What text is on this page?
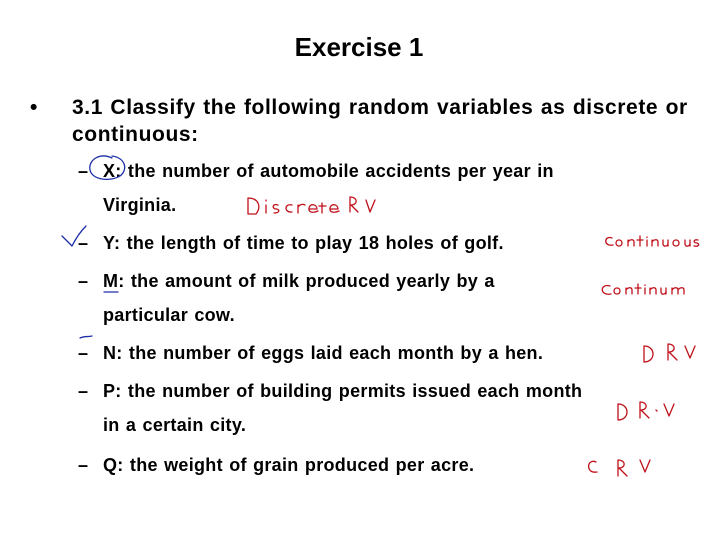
Exercise 1
• 3.1 Classify the following random variables as discrete or continuous:
– X: the number of automobile accidents per year in
Virginia.
– Y: the length of time to play 18 holes of golf.
– M: the amount of milk produced yearly by a
particular cow.
– N: the number of eggs laid each month by a hen.
– P: the number of building permits issued each month
in a certain city.
– Q: the weight of grain produced per acre.
